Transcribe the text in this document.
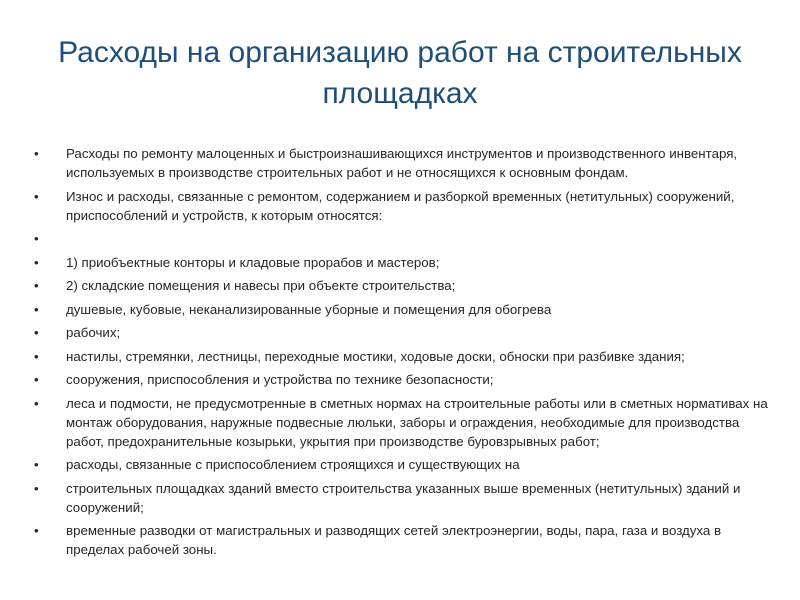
Расходы на организацию работ на строительных площадках
•	Расходы по ремонту малоценных и быстроизнашивающихся инструментов и производственного инвентаря, используемых в производстве строительных работ и не относящихся к основным фондам.
•	Износ и расходы, связанные с ремонтом, содержанием и разборкой временных (нетитульных) сооружений, приспособлений и устройств, к которым относятся:
•
•	1) приобъектные конторы и кладовые прорабов и мастеров;
•	2) складские помещения и навесы при объекте строительства;
•	душевые, кубовые, неканализированные уборные и помещения для обогрева
•	рабочих;
•	настилы, стремянки, лестницы, переходные мостики, ходовые доски, обноски при разбивке здания;
•	сооружения, приспособления и устройства по технике безопасности;
•	леса и подмости, не предусмотренные в сметных нормах на строительные работы или в сметных нормативах на монтаж оборудования, наружные подвесные люльки, заборы и ограждения, необходимые для производства работ, предохранительные козырьки, укрытия при производстве буровзрывных работ;
•	расходы, связанные с приспособлением строящихся и существующих на
•	строительных площадках зданий вместо строительства указанных выше временных (нетитульных) зданий и сооружений;
•	временные разводки от магистральных и разводящих сетей электроэнергии, воды, пара, газа и воздуха в пределах рабочей зоны.
